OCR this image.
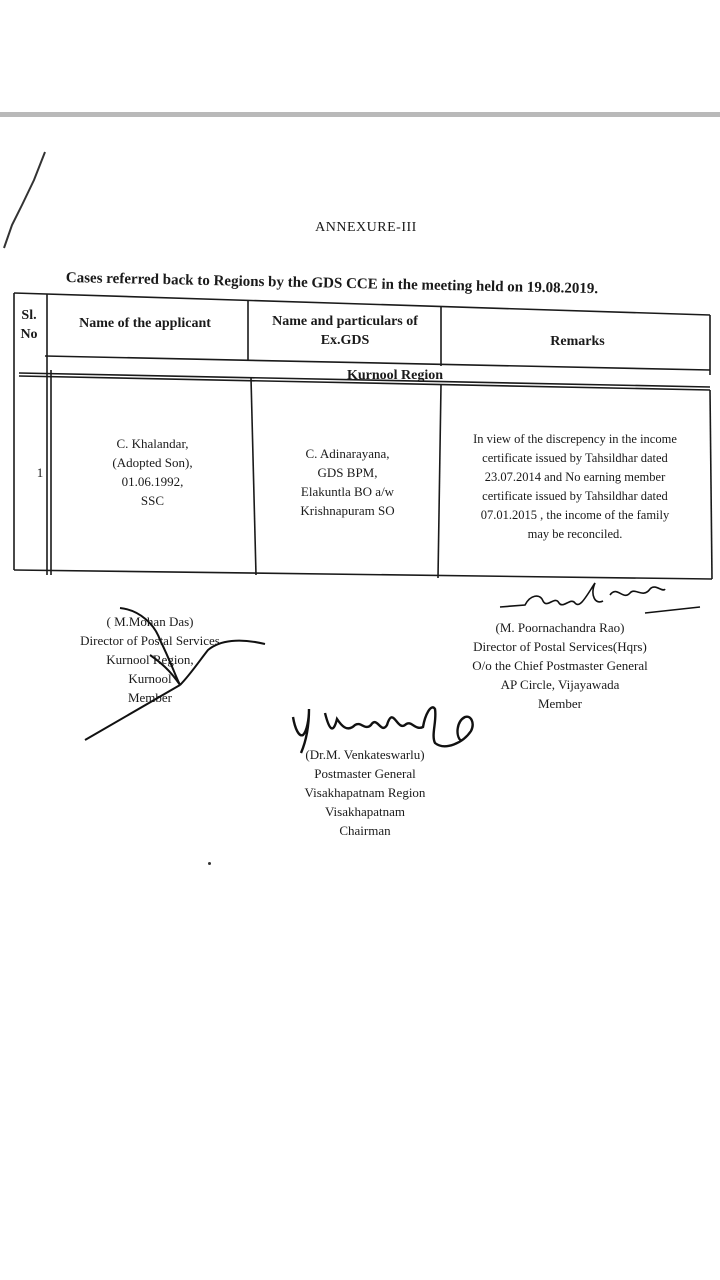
ANNEXURE-III
Cases referred back to Regions by the GDS CCE in the meeting held on 19.08.2019.
Sl.
No
Name of the applicant	Name and particulars of
Ex.GDS	Remarks
Kurnool Region
1
C. Khalandar,
(Adopted Son),
01.06.1992,
SSC
C. Adinarayana,
GDS BPM,
Elakuntla BO a/w
Krishnapuram SO
In view of the discrepency in the income
certificate issued by Tahsildhar dated
23.07.2014 and No earning member
certificate issued by Tahsildhar dated
07.01.2015 , the income of the family
may be reconciled.
( M.Mohan Das)
Director of Postal Services
Kurnool Region,
Kurnool
Member
(M. Poornachandra Rao)
Director of Postal Services(Hqrs)
O/o the Chief Postmaster General
AP Circle, Vijayawada
Member
(Dr.M. Venkateswarlu)
Postmaster General
Visakhapatnam Region
Visakhapatnam
Chairman
